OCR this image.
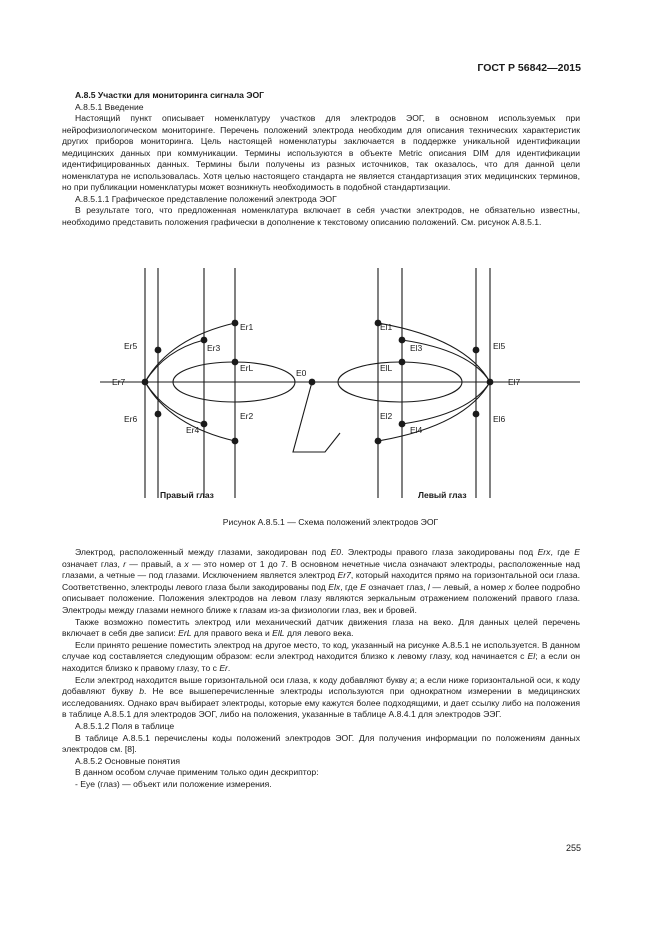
ГОСТ Р 56842—2015

А.8.5 Участки для мониторинга сигнала ЭОГ

А.8.5.1 Введение

Настоящий пункт описывает номенклатуру участков для электродов ЭОГ, в основном используемых при нейрофизиологическом мониторинге. Перечень положений электрода необходим для описания технических характеристик других приборов мониторинга. Цель настоящей номенклатуры заключается в поддержке уникальной идентификации медицинских данных при коммуникации. Термины используются в объекте Metric описания DIM для идентификации идентифицированных данных. Термины были получены из разных источников, так оказалось, что для данной цели номенклатура не использовалась. Хотя целью настоящего стандарта не является стандартизация этих медицинских терминов, но при публикации номенклатуры может возникнуть необходимость в подобной стандартизации.

А.8.5.1.1 Графическое представление положений электрода ЭОГ

В результате того, что предложенная номенклатура включает в себя участки электродов, не обязательно известны, необходимо представить положения графически в дополнение к текстовому описанию положений. См. рисунок А.8.5.1.

Er1
Er3
Er5
Er7
Er6
Er4
Er2
ErL	E0
El1
El3	El5
El7
El6
El4
El2
ElL
Правый глаз	Левый глаз
Рисунок А.8.5.1 — Схема положений электродов ЭОГ

Электрод, расположенный между глазами, закодирован под E0. Электроды правого глаза закодированы под Erx, где E означает глаз, r — правый, а x — это номер от 1 до 7. В основном нечетные числа означают электроды, расположенные над глазами, а четные — под глазами. Исключением является электрод Er7, который находится прямо на горизонтальной оси глаза. Соответственно, электроды левого глаза были закодированы под Elx, где E означает глаз, l — левый, а номер x более подробно описывает положение. Положения электродов на левом глазу являются зеркальным отражением положений правого глаза. Электроды между глазами немного ближе к глазам из-за физиологии глаз, век и бровей.

Также возможно поместить электрод или механический датчик движения глаза на веко. Для данных целей перечень включает в себя две записи: ErL для правого века и ElL для левого века.

Если принято решение поместить электрод на другое место, то код, указанный на рисунке А.8.5.1 не используется. В данном случае код составляется следующим образом: если электрод находится близко к левому глазу, код начинается с El; а если он находится близко к правому глазу, то с Er.

Если электрод находится выше горизонтальной оси глаза, к коду добавляют букву a; а если ниже горизонтальной оси, к коду добавляют букву b. Не все вышеперечисленные электроды используются при однократном измерении в медицинских исследованиях. Однако врач выбирает электроды, которые ему кажутся более подходящими, и дает ссылку либо на положения в таблице А.8.5.1 для электродов ЭОГ, либо на положения, указанные в таблице А.8.4.1 для электродов ЭЭГ.

А.8.5.1.2 Поля в таблице

В таблице А.8.5.1 перечислены коды положений электродов ЭОГ. Для получения информации по положениям данных электродов см. [8].

А.8.5.2 Основные понятия

В данном особом случае применим только один дескриптор:

- Eye (глаз) — объект или положение измерения.

255
